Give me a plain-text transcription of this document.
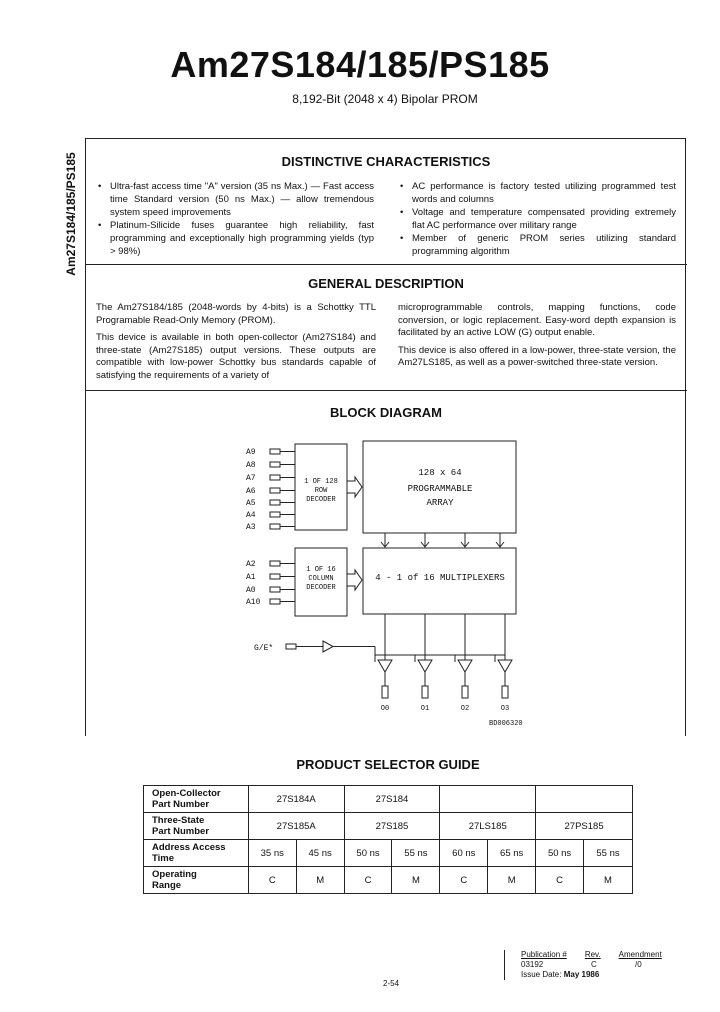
Am27S184/185/PS185
8,192-Bit (2048 x 4) Bipolar PROM
Am27S184/185/PS185	DISTINCTIVE CHARACTERISTICS
• Ultra-fast access time "A" version (35 ns Max.) — Fast access time Standard version (50 ns Max.) — allow tremendous system speed improvements
• Platinum-Silicide fuses guarantee high reliability, fast programming and exceptionally high programming yields (typ > 98%)
• AC performance is factory tested utilizing programmed test words and columns
• Voltage and temperature compensated providing extremely flat AC performance over military range
• Member of generic PROM series utilizing standard programming algorithm
GENERAL DESCRIPTION

The Am27S184/185 (2048-words by 4-bits) is a Schottky TTL Programable Read-Only Memory (PROM).

This device is available in both open-collector (Am27S184) and three-state (Am27S185) output versions. These outputs are compatible with low-power Schottky bus standards capable of satisfying the requirements of a variety of

microprogrammable controls, mapping functions, code conversion, or logic replacement. Easy-word depth expansion is facilitated by an active LOW (G) output enable.

This device is also offered in a low-power, three-state version, the Am27LS185, as well as a power-switched three-state version.

BLOCK DIAGRAM
A9
A8
A7
A6
A5
A4
A3
A2
A1
A0
A10
1 OF 128
ROW
DECODER
1 OF 16
COLUMN
DECODER
128 x 64
PROGRAMMABLE
ARRAY
4 - 1 of 16 MULTIPLEXERS
G/E*
O0	O1	O2	O3
BD006320
PRODUCT SELECTOR GUIDE
Open-Collector
Part Number	27S184A		27S184					
Three-State
Part Number	27S185A		27S185		27LS185		27PS185	
Address Access
Time	35 ns	45 ns	50 ns	55 ns	60 ns	65 ns	50 ns	55 ns
Operating
Range	C	M	C	M	C	M	C	M
Publication # Rev. Amendment
03192	C	/0
Issue Date: May 1986
2-54
